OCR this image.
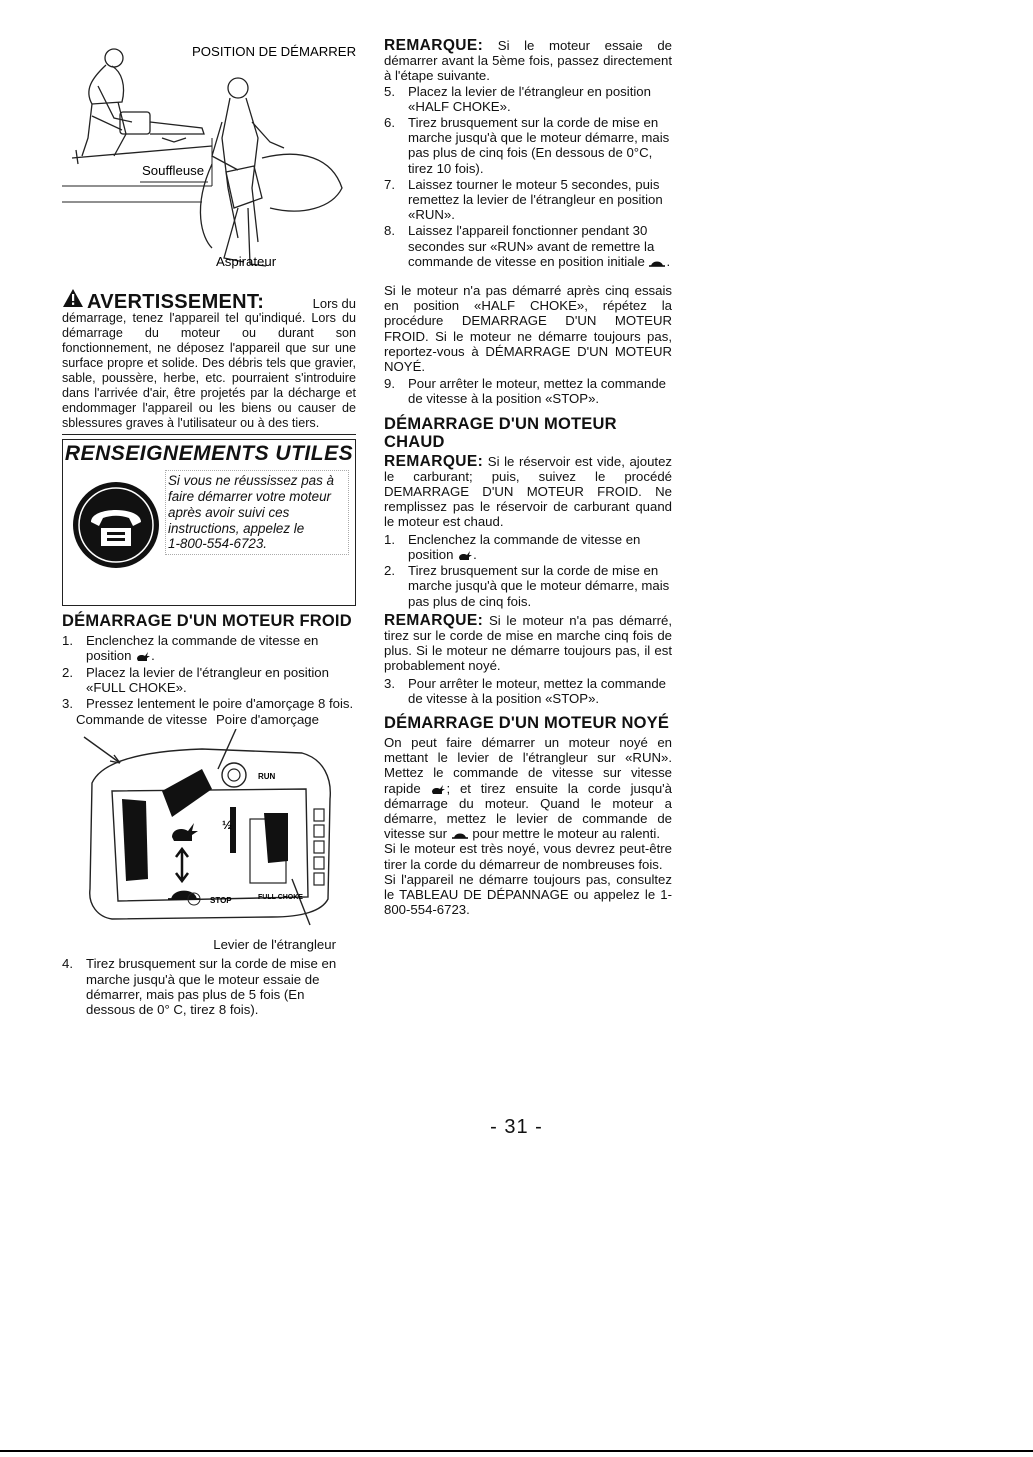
POSITION DE DÉMARRER
Souffleuse
Aspirateur
AVERTISSEMENT:	Lors du
démarrage, tenez l'appareil tel qu'indiqué. Lors du démarrage du moteur ou durant son fonctionnement, ne déposez l'appareil que sur une surface propre et solide. Des débris tels que gravier, sable, poussère, herbe, etc. pourraient s'introduire dans l'arrivée d'air, être projetés par la décharge et endommager l'appareil ou les biens ou causer de sblessures graves à l'utilisateur ou à des tiers.
RENSEIGNEMENTS UTILES
Si vous ne réussissez pas à faire démarrer votre moteur après avoir suivi ces instructions, appelez le
1-800-554-6723.
DÉMARRAGE D'UN MOTEUR FROID
1. Enclenchez la commande de vitesse en position .
2. Placez la levier de l'étrangleur en position «FULL CHOKE».
3. Pressez lentement le poire d'amorçage 8 fois.
Commande de vitesse Poire d'amorçage
RUN
STOP
½
FULL CHOKE
Levier de l'étrangleur
4. Tirez brusquement sur la corde de mise en marche jusqu'à que le moteur essaie de démarrer, mais pas plus de 5 fois (En dessous de 0° C, tirez 8 fois).

REMARQUE: Si le moteur essaie de démarrer avant la 5ème fois, passez directement à l'étape suivante.

5. Placez la levier de l'étrangleur en position «HALF CHOKE».
6. Tirez brusquement sur la corde de mise en marche jusqu'à que le moteur démarre, mais pas plus de cinq fois (En dessous de 0°C, tirez 10 fois).
7. Laissez tourner le moteur 5 secondes, puis remettez la levier de l'étrangleur en position «RUN».
8. Laissez l'appareil fonctionner pendant 30 secondes sur «RUN» avant de remettre la commande de vitesse en position initiale .

Si le moteur n'a pas démarré après cinq essais en position «HALF CHOKE», répétez la procédure DEMARRAGE D'UN MOTEUR FROID. Si le moteur ne démarre toujours pas, reportez-vous à DÉMARRAGE D'UN MOTEUR NOYÉ.

9. Pour arrêter le moteur, mettez la commande de vitesse à la position «STOP».
DÉMARRAGE D'UN MOTEUR CHAUD

REMARQUE: Si le réservoir est vide, ajoutez le carburant; puis, suivez le procédé DEMARRAGE D'UN MOTEUR FROID. Ne remplissez pas le réservoir de carburant quand le moteur est chaud.

1. Enclenchez la commande de vitesse en position .
2. Tirez brusquement sur la corde de mise en marche jusqu'à que le moteur démarre, mais pas plus de cinq fois.

REMARQUE: Si le moteur n'a pas démarré, tirez sur le corde de mise en marche cinq fois de plus. Si le moteur ne démarre toujours pas, il est probablement noyé.

3. Pour arrêter le moteur, mettez la commande de vitesse à la position «STOP».
DÉMARRAGE D'UN MOTEUR NOYÉ

On peut faire démarrer un moteur noyé en mettant le levier de l'étrangleur sur «RUN». Mettez le commande de vitesse sur vitesse rapide ; et tirez ensuite la corde jusqu'à démarrage du moteur. Quand le moteur a démarre, mettez le levier de commande de vitesse sur pour mettre le moteur au ralenti.

Si le moteur est très noyé, vous devrez peut-être tirer la corde du démarreur de nombreuses fois.

Si l'appareil ne démarre toujours pas, consultez le TABLEAU DE DÉPANNAGE ou appelez le 1-800-554-6723.

- 31 -
